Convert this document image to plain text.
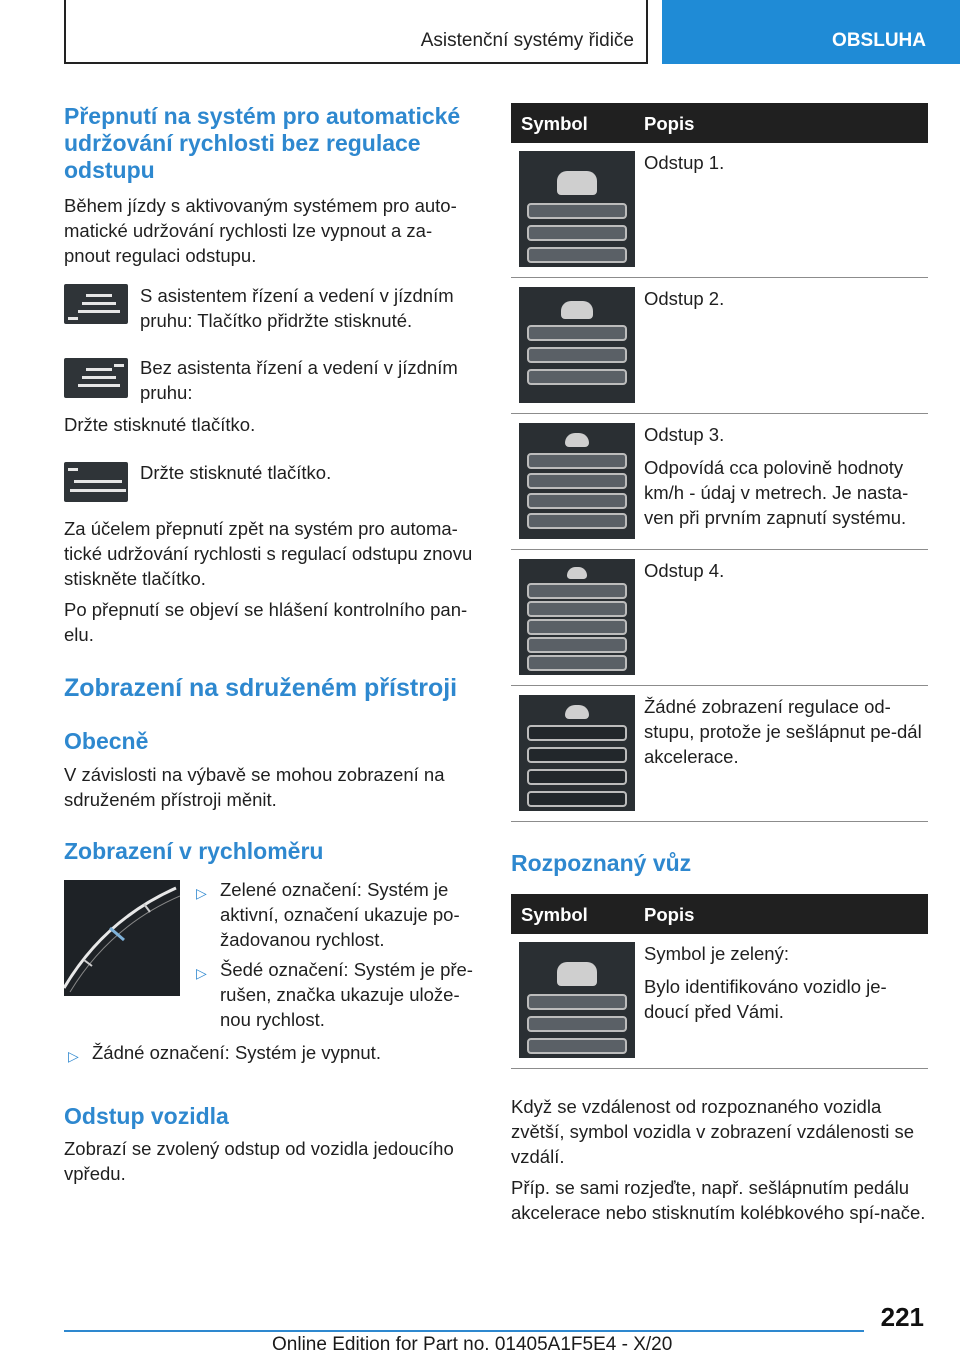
Asistenční systémy řidiče	OBSLUHA
Přepnutí na systém pro automatické udržování rychlosti bez regulace odstupu

Během jízdy s aktivovaným systémem pro auto-matické udržování rychlosti lze vypnout a za-pnout regulaci odstupu.

S asistentem řízení a vedení v jízdním pruhu: Tlačítko přidržte stisknuté.

Bez asistenta řízení a vedení v jízdním pruhu:

Držte stisknuté tlačítko.

Držte stisknuté tlačítko.

Za účelem přepnutí zpět na systém pro automa-tické udržování rychlosti s regulací odstupu znovu stiskněte tlačítko.

Po přepnutí se objeví se hlášení kontrolního pan-elu.

Zobrazení na sdruženém přístroji
Obecně

V závislosti na výbavě se mohou zobrazení na sdruženém přístroji měnit.

Zobrazení v rychloměru
▷ Zelené označení: Systém je aktivní, označení ukazuje po-žadovanou rychlost.

▷ Šedé označení: Systém je pře-rušen, značka ukazuje ulože-nou rychlost.

▷ Žádné označení: Systém je vypnut.

Odstup vozidla

Zobrazí se zvolený odstup od vozidla jedoucího vpředu.

Symbol	Popis

Odstup 1.

Odstup 2.

Odstup 3.

Odpovídá cca polovině hodnoty km/h - údaj v metrech. Je nasta-ven při prvním zapnutí systému.

Odstup 4.

Žádné zobrazení regulace od-stupu, protože je sešlápnut pe-dál akcelerace.

Rozpoznaný vůz
Symbol	Popis

Symbol je zelený:

Bylo identifikováno vozidlo je-doucí před Vámi.

Když se vzdálenost od rozpoznaného vozidla zvětší, symbol vozidla v zobrazení vzdálenosti se vzdálí.

Příp. se sami rozjeďte, např. sešlápnutím pedálu akcelerace nebo stisknutím kolébkového spí-nače.

221
Online Edition for Part no. 01405A1F5E4 - X/20
